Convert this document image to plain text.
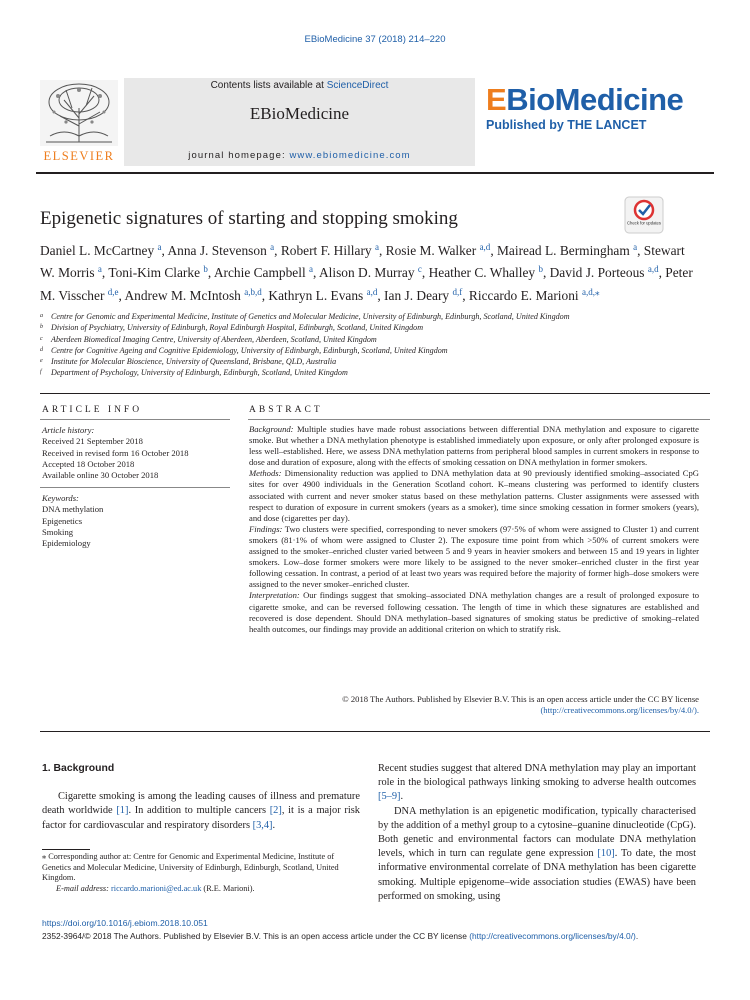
EBioMedicine 37 (2018) 214–220
ELSEVIER
Contents lists available at ScienceDirect
EBioMedicine
journal homepage: www.ebiomedicine.com
EBioMedicine
Published by THE LANCET
Epigenetic signatures of starting and stopping smoking	Check for updates
Daniel L. McCartney $^a$, Anna J. Stevenson $^a$, Robert F. Hillary $^a$, Rosie M. Walker $^{a,d}$, Mairead L. Bermingham $^a$, Stewart W. Morris $^a$, Toni-Kim Clarke $^b$, Archie Campbell $^a$, Alison D. Murray $^c$, Heather C. Whalley $^b$, David J. Porteous $^{a,d}$, Peter M. Visscher $^{d,e}$, Andrew M. McIntosh $^{a,b,d}$, Kathryn L. Evans $^{a,d}$, Ian J. Deary $^{d,f}$, Riccardo E. Marioni $^{a,d,⁎}$
a Centre for Genomic and Experimental Medicine, Institute of Genetics and Molecular Medicine, University of Edinburgh, Edinburgh, Scotland, United Kingdom
b Division of Psychiatry, University of Edinburgh, Royal Edinburgh Hospital, Edinburgh, Scotland, United Kingdom
c Aberdeen Biomedical Imaging Centre, University of Aberdeen, Aberdeen, Scotland, United Kingdom
d Centre for Cognitive Ageing and Cognitive Epidemiology, University of Edinburgh, Edinburgh, Scotland, United Kingdom
e Institute for Molecular Bioscience, University of Queensland, Brisbane, QLD, Australia
f Department of Psychology, University of Edinburgh, Edinburgh, Scotland, United Kingdom
ARTICLE INFO
Article history:
Received 21 September 2018
Received in revised form 16 October 2018
Accepted 18 October 2018
Available online 30 October 2018
Keywords:
DNA methylation
Epigenetics
Smoking
Epidemiology
ABSTRACT

Background: Multiple studies have made robust associations between differential DNA methylation and exposure to cigarette smoke. But whether a DNA methylation phenotype is established immediately upon exposure, or only after prolonged exposure is less well–established. Here, we assess DNA methylation patterns from peripheral blood samples in current smokers in response to dose and duration of exposure, along with the effects of smoking cessation on DNA methylation in former smokers.

Methods: Dimensionality reduction was applied to DNA methylation data at 90 previously identified smoking–associated CpG sites for over 4900 individuals in the Generation Scotland cohort. K–means clustering was performed to identify clusters associated with current and never smoker status based on these methylation patterns. Cluster assignments were assessed with respect to duration of exposure in current smokers (years as a smoker), time since smoking cessation in former smokers (years), and dose (cigarettes per day).

Findings: Two clusters were specified, corresponding to never smokers (97·5% of whom were assigned to Cluster 1) and current smokers (81·1% of whom were assigned to Cluster 2). The exposure time point from which >50% of current smokers were assigned to the smoker–enriched cluster varied between 5 and 9 years in heavier smokers and between 15 and 19 years in lighter smokers. Low–dose former smokers were more likely to be assigned to the never smoker–enriched cluster in the first year following cessation. In contrast, a period of at least two years was required before the majority of former high–dose smokers were assigned to the never smoker–enriched cluster.

Interpretation: Our findings suggest that smoking–associated DNA methylation changes are a result of prolonged exposure to cigarette smoke, and can be reversed following cessation. The length of time in which these signatures are established and recovered is dose dependent. Should DNA methylation–based signatures of smoking status be predictive of smoking–related health outcomes, our findings may provide an additional criterion on which to stratify risk.

© 2018 The Authors. Published by Elsevier B.V. This is an open access article under the CC BY license
(http://creativecommons.org/licenses/by/4.0/).
1. Background
Cigarette smoking is among the leading causes of illness and premature death worldwide [1]. In addition to multiple cancers [2], it is a major risk factor for cardiovascular and respiratory disorders [3,4].
⁎ Corresponding author at: Centre for Genomic and Experimental Medicine, Institute of Genetics and Molecular Medicine, University of Edinburgh, Edinburgh, Scotland, United Kingdom.
E-mail address: riccardo.marioni@ed.ac.uk (R.E. Marioni).
Recent studies suggest that altered DNA methylation may play an important role in the biological pathways linking smoking to adverse health outcomes [5–9].
DNA methylation is an epigenetic modification, typically characterised by the addition of a methyl group to a cytosine–guanine dinucleotide (CpG). Both genetic and environmental factors can modulate DNA methylation levels, which in turn can regulate gene expression [10]. To date, the most informative environmental correlate of DNA methylation has been cigarette smoking. Multiple epigenome–wide association studies (EWAS) have been performed on smoking, using
https://doi.org/10.1016/j.ebiom.2018.10.051
2352-3964/© 2018 The Authors. Published by Elsevier B.V. This is an open access article under the CC BY license (http://creativecommons.org/licenses/by/4.0/).
